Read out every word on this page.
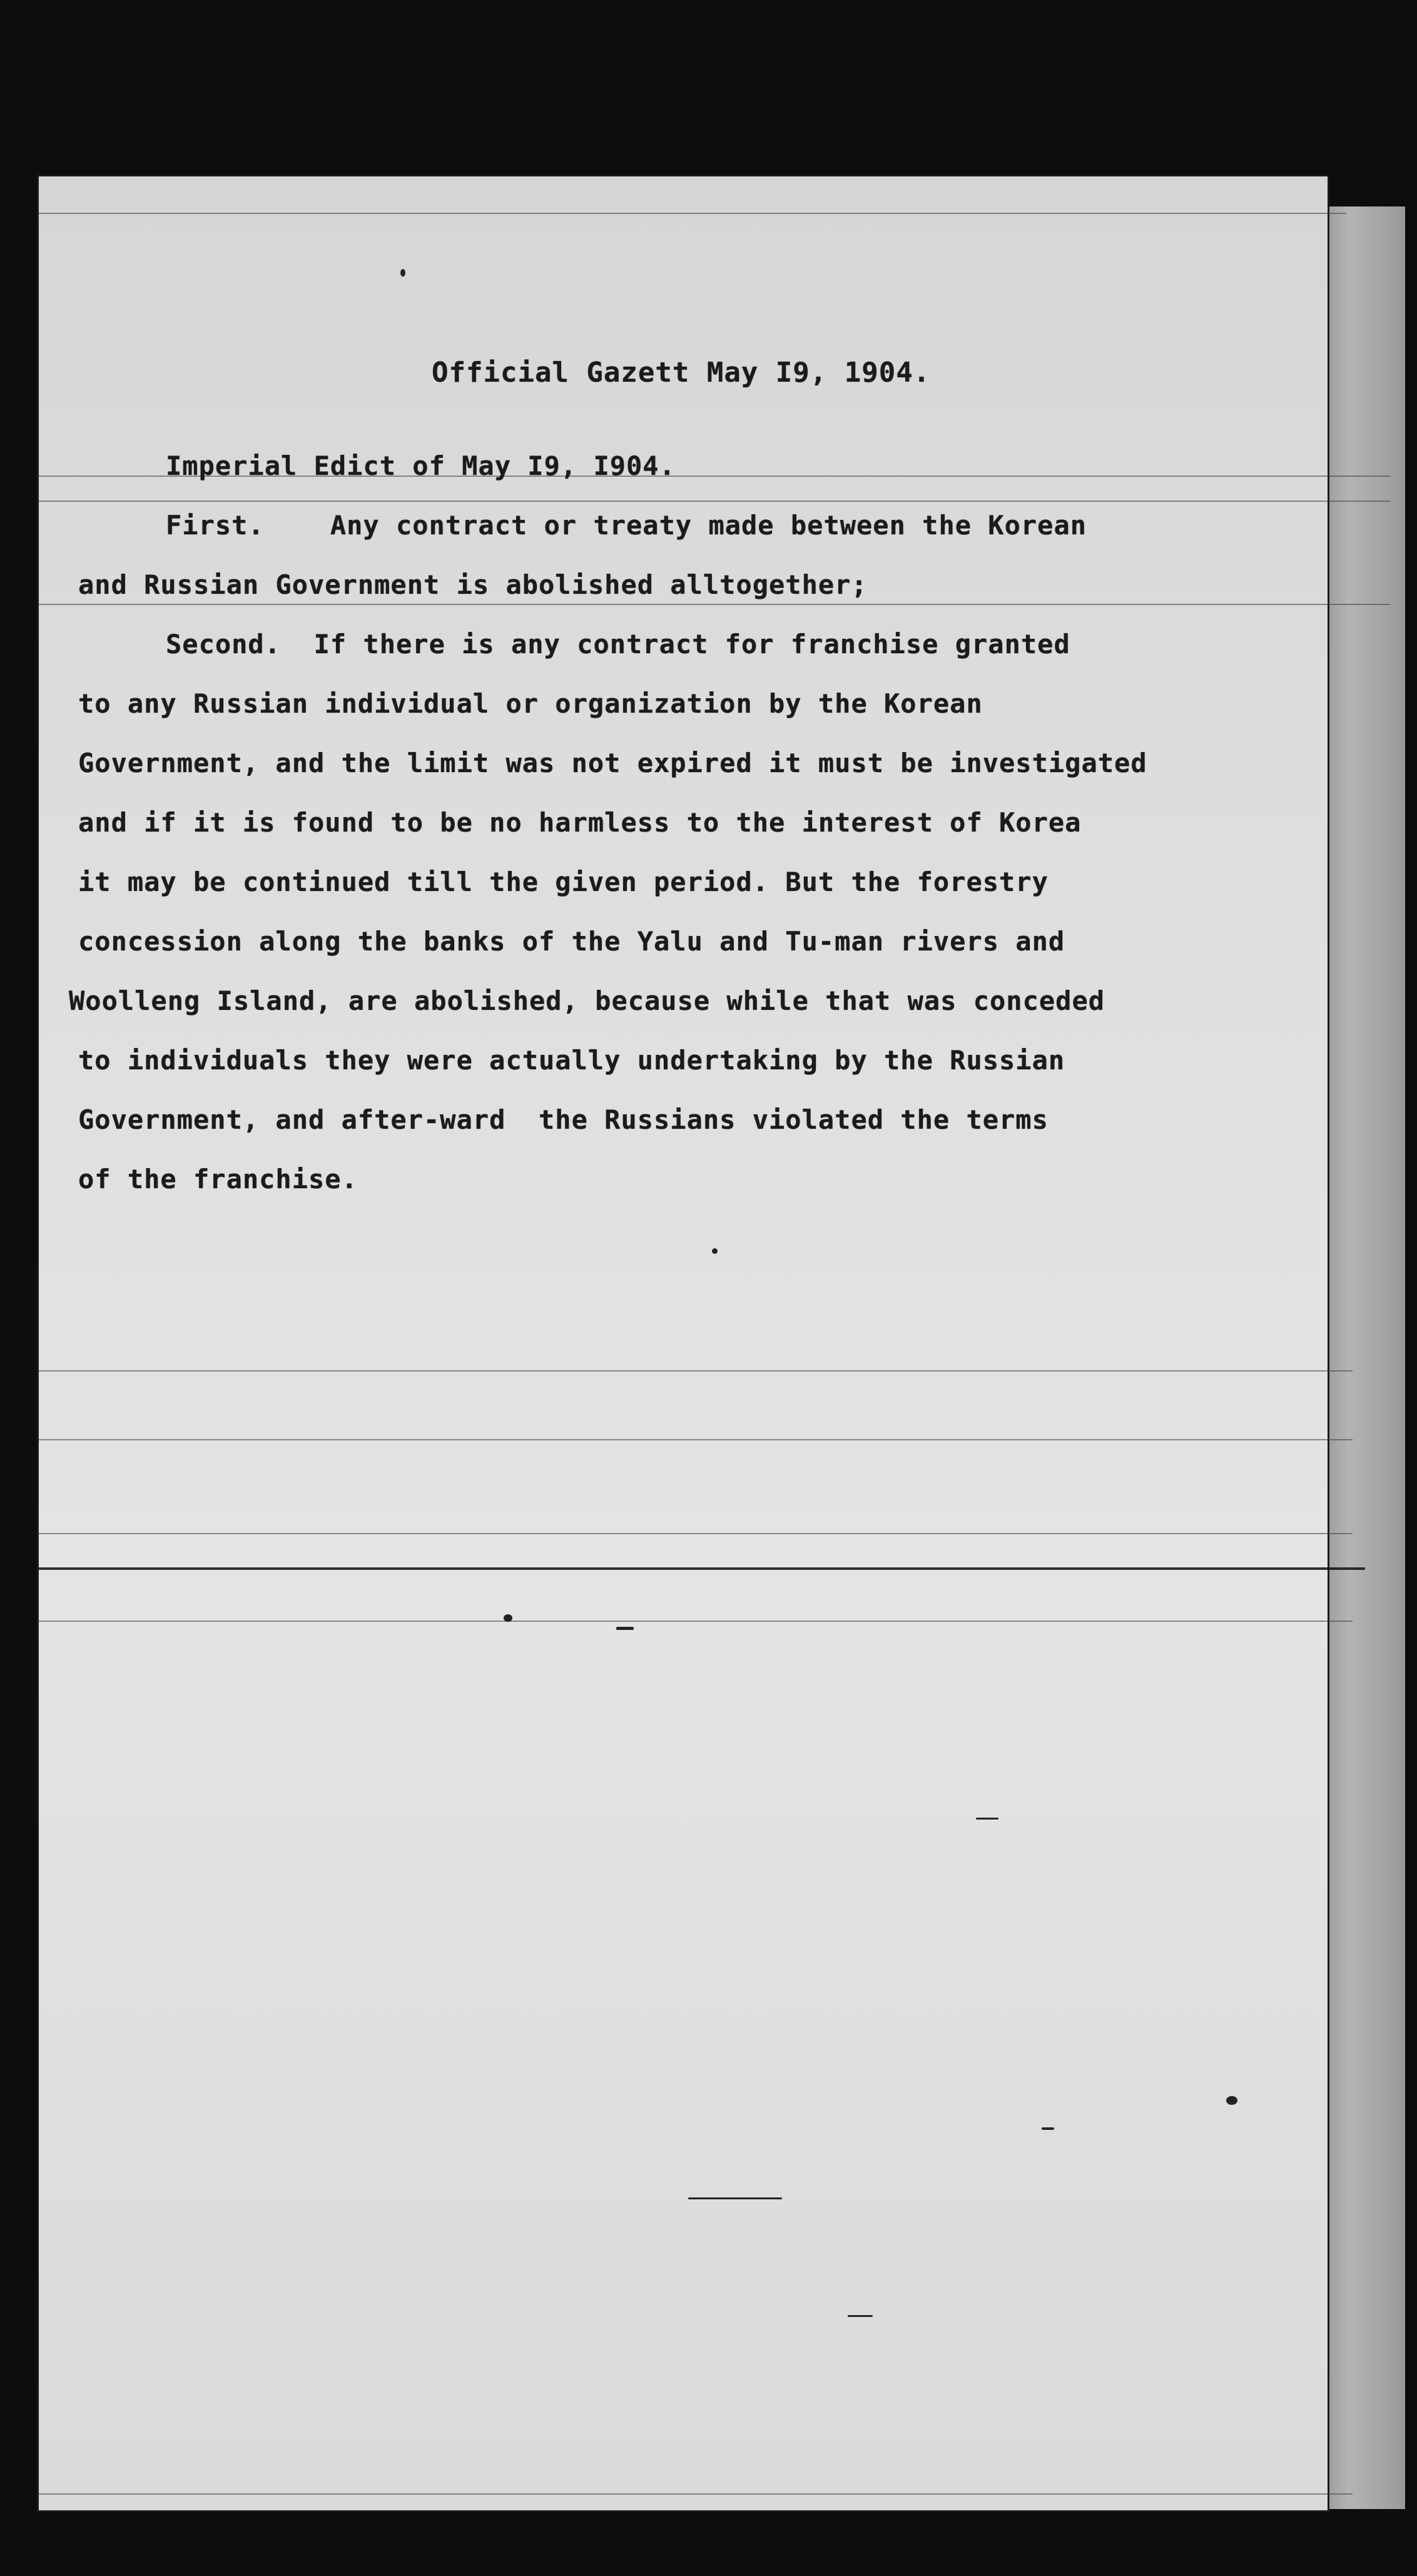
Official Gazett May I9, 1904.
Imperial Edict of May I9, I904.
First.    Any contract or treaty made between the Korean
and Russian Government is abolished alltogether;
Second.  If there is any contract for franchise granted
to any Russian individual or organization by the Korean
Government, and the limit was not expired it must be investigated
and if it is found to be no harmless to the interest of Korea
it may be continued till the given period. But the forestry
concession along the banks of the Yalu and Tu-man rivers and
Woolleng Island, are abolished, because while that was conceded
to individuals they were actually undertaking by the Russian
Government, and after-ward  the Russians violated the terms
of the franchise.
